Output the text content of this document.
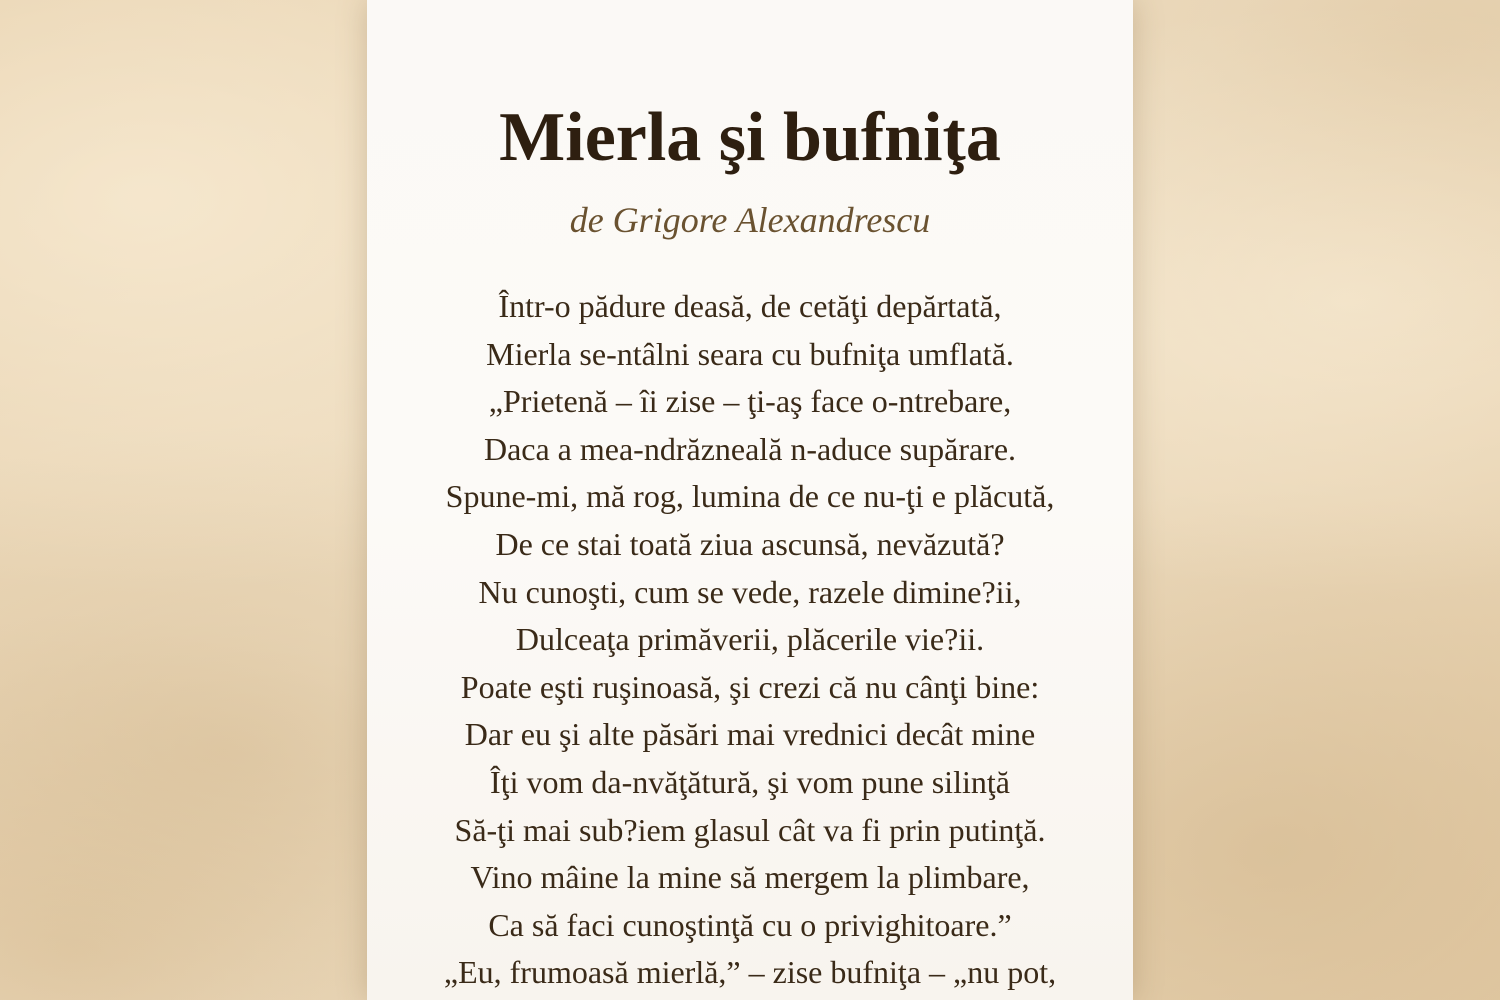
Mierla şi bufniţa

de Grigore Alexandrescu

Într-o pădure deasă, de cetăţi depărtată,
Mierla se-ntâlni seara cu bufniţa umflată.
„Prietenă – îi zise – ţi-aş face o-ntrebare,
Daca a mea-ndrăzneală n-aduce supărare.
Spune-mi, mă rog, lumina de ce nu-ţi e plăcută,
De ce stai toată ziua ascunsă, nevăzută?
Nu cunoşti, cum se vede, razele dimine?ii,
Dulceaţa primăverii, plăcerile vie?ii.
Poate eşti ruşinoasă, şi crezi că nu cânţi bine:
Dar eu şi alte păsări mai vrednici decât mine
Îţi vom da-nvăţătură, şi vom pune silinţă
Să-ţi mai sub?iem glasul cât va fi prin putinţă.
Vino mâine la mine să mergem la plimbare,
Ca să faci cunoştinţă cu o privighitoare.”
„Eu, frumoasă mierlă,” – zise bufniţa – „nu pot,
